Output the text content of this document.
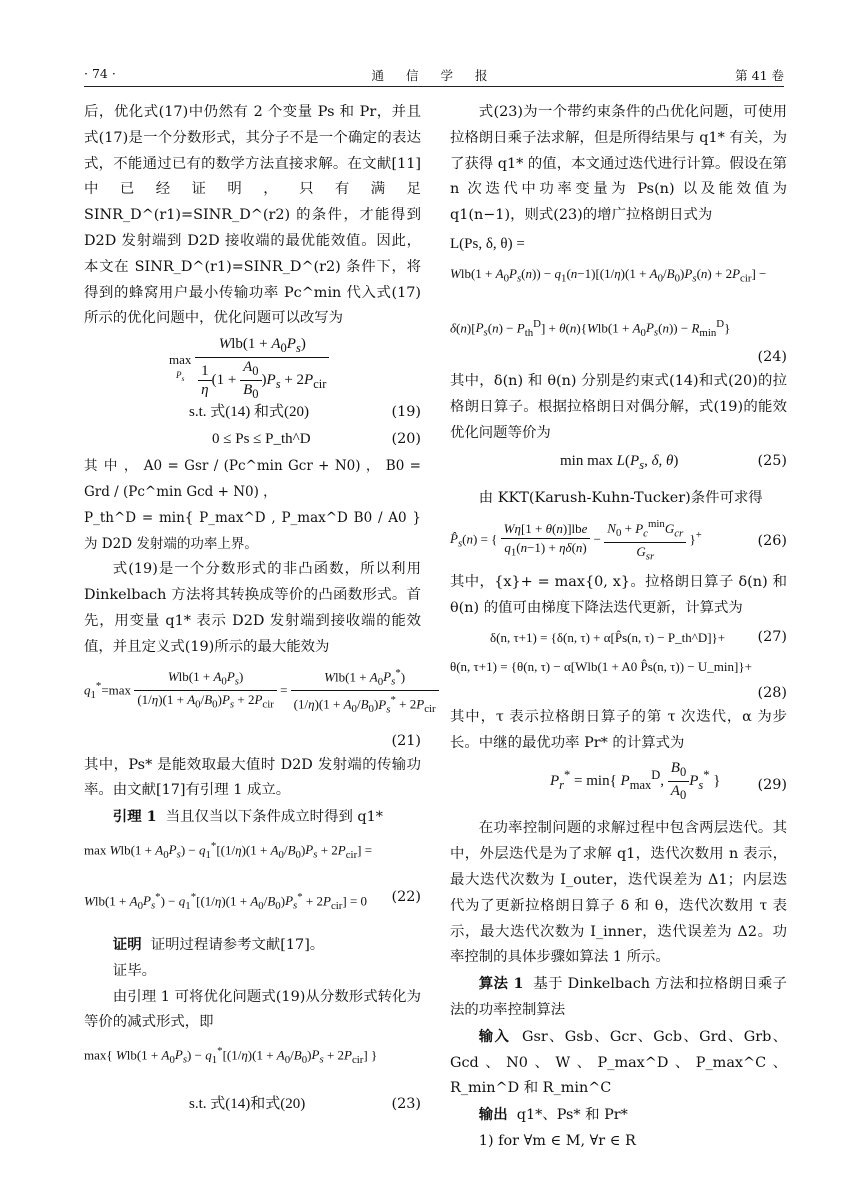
· 74 ·	通 信 学 报	第 41 卷

后，优化式(17)中仍然有 2 个变量 Ps 和 Pr，并且式(17)是一个分数形式，其分子不是一个确定的表达式，不能通过已有的数学方法直接求解。在文献[11]中已经证明，只有满足 SINR_D^(r1)=SINR_D^(r2) 的条件，才能得到 D2D 发射端到 D2D 接收端的最优能效值。因此，本文在 SINR_D^(r1)=SINR_D^(r2) 条件下，将得到的蜂窝用户最小传输功率 Pc^min 代入式(17)所示的优化问题中，优化问题可以改写为

max
$P_s \frac{Wlb(1 + A_0P_s)}{\frac{1}{\eta} (1 + \frac{A_0}{B_0} )P_s + 2P_{cir}}$
s.t. 式(14) 和式(20)	(19)
0 ≤ Ps ≤ P_th^D	(20)

其 中 ， A0 = Gsr / (Pc^min Gcr + N0) ， B0 = Grd / (Pc^min Gcd + N0) ，

P_th^D = min{ P_max^D , P_max^D B0 / A0 } 为 D2D 发射端的功率上界。

式(19)是一个分数形式的非凸函数，所以利用 Dinkelbach 方法将其转换成等价的凸函数形式。首先，用变量 q1* 表示 D2D 发射端到接收端的能效值，并且定义式(19)所示的最大能效为

$q_1^*=\max \frac{Wlb(1 + A_0P_s)}{(1/\eta)(1 + A_0/B_0)P_s + 2P_{cir}} = \frac{Wlb(1 + A_0P_s^*)}{(1/\eta)(1 + A_0/B_0)P_s^* + 2P_{cir}}$
(21)

其中，Ps* 是能效取最大值时 D2D 发射端的传输功率。由文献[17]有引理 1 成立。

引理 1 当且仅当以下条件成立时得到 q1*

$\max Wlb(1 + A_0P_s) - q_1^*[(1/\eta)(1 + A_0/B_0)P_s + 2P_{cir}]$ =
$Wlb(1 + A_0P_s^*) - q_1^*[(1/\eta)(1 + A_0/B_0)P_s^* + 2P_{cir}] = 0$ (22)

证明 证明过程请参考文献[17]。

证毕。

由引理 1 可将优化问题式(19)从分数形式转化为等价的减式形式，即

max{ $Wlb(1 + A_0P_s) - q_1^*[(1/\eta)(1 + A_0/B_0)P_s + 2P_{cir}]$ }
s.t. 式(14)和式(20)	(23)

式(23)为一个带约束条件的凸优化问题，可使用拉格朗日乘子法求解，但是所得结果与 q1* 有关，为了获得 q1* 的值，本文通过迭代进行计算。假设在第 n 次迭代中功率变量为 Ps(n) 以及能效值为 q1(n−1)，则式(23)的增广拉格朗日式为

L(Ps, δ, θ) =
$Wlb(1 + A_0P_s(n)) - q_1(n-1)[(1/\eta)(1 + A_0/B_0)P_s(n) + 2P_{cir}]$ −
$\delta(n)[P_s(n) - P_{th}^D] + \theta(n)\{Wlb(1 + A_0P_s(n)) - R_{min}^D\}$
(24)

其中，δ(n) 和 θ(n) 分别是约束式(14)和式(20)的拉格朗日算子。根据拉格朗日对偶分解，式(19)的能效优化问题等价为

$\min \max L(P_s$, δ, θ)	(25)

由 KKT(Karush-Kuhn-Tucker)条件可求得

$P̂_s(n)$ = { $\frac{\text{Wη[1 + θ(n)]lbe}}{q_1(n-1) + \eta\delta(n)} - \frac{N_0 + P_c^{min}G_{cr}}{G_{sr}} \}^+$	(26)

其中，{x}+ = max{0, x}。拉格朗日算子 δ(n) 和 θ(n) 的值可由梯度下降法迭代更新，计算式为

δ(n, τ+1) = {δ(n, τ) + α[P̂s(n, τ) − P_th^D]}+ (27)
θ(n, τ+1) = {θ(n, τ) − α[Wlb(1 + A0 P̂s(n, τ)) − U_min]}+
(28)

其中，τ 表示拉格朗日算子的第 τ 次迭代，α 为步长。中继的最优功率 Pr* 的计算式为

$P_r^* = \min${ $P_{max}^D$, $\frac{B_0}{A_0} P_s^*$ }	(29)

在功率控制问题的求解过程中包含两层迭代。其中，外层迭代是为了求解 q1，迭代次数用 n 表示，最大迭代次数为 I_outer，迭代误差为 Δ1；内层迭代为了更新拉格朗日算子 δ 和 θ，迭代次数用 τ 表示，最大迭代次数为 I_inner，迭代误差为 Δ2。功率控制的具体步骤如算法 1 所示。

算法 1 基于 Dinkelbach 方法和拉格朗日乘子法的功率控制算法

输入 Gsr、Gsb、Gcr、Gcb、Grd、Grb、Gcd、N0、W、P_max^D、P_max^C、R_min^D 和 R_min^C

输出 q1*、Ps* 和 Pr*

1) for ∀m ∈ M, ∀r ∈ R
